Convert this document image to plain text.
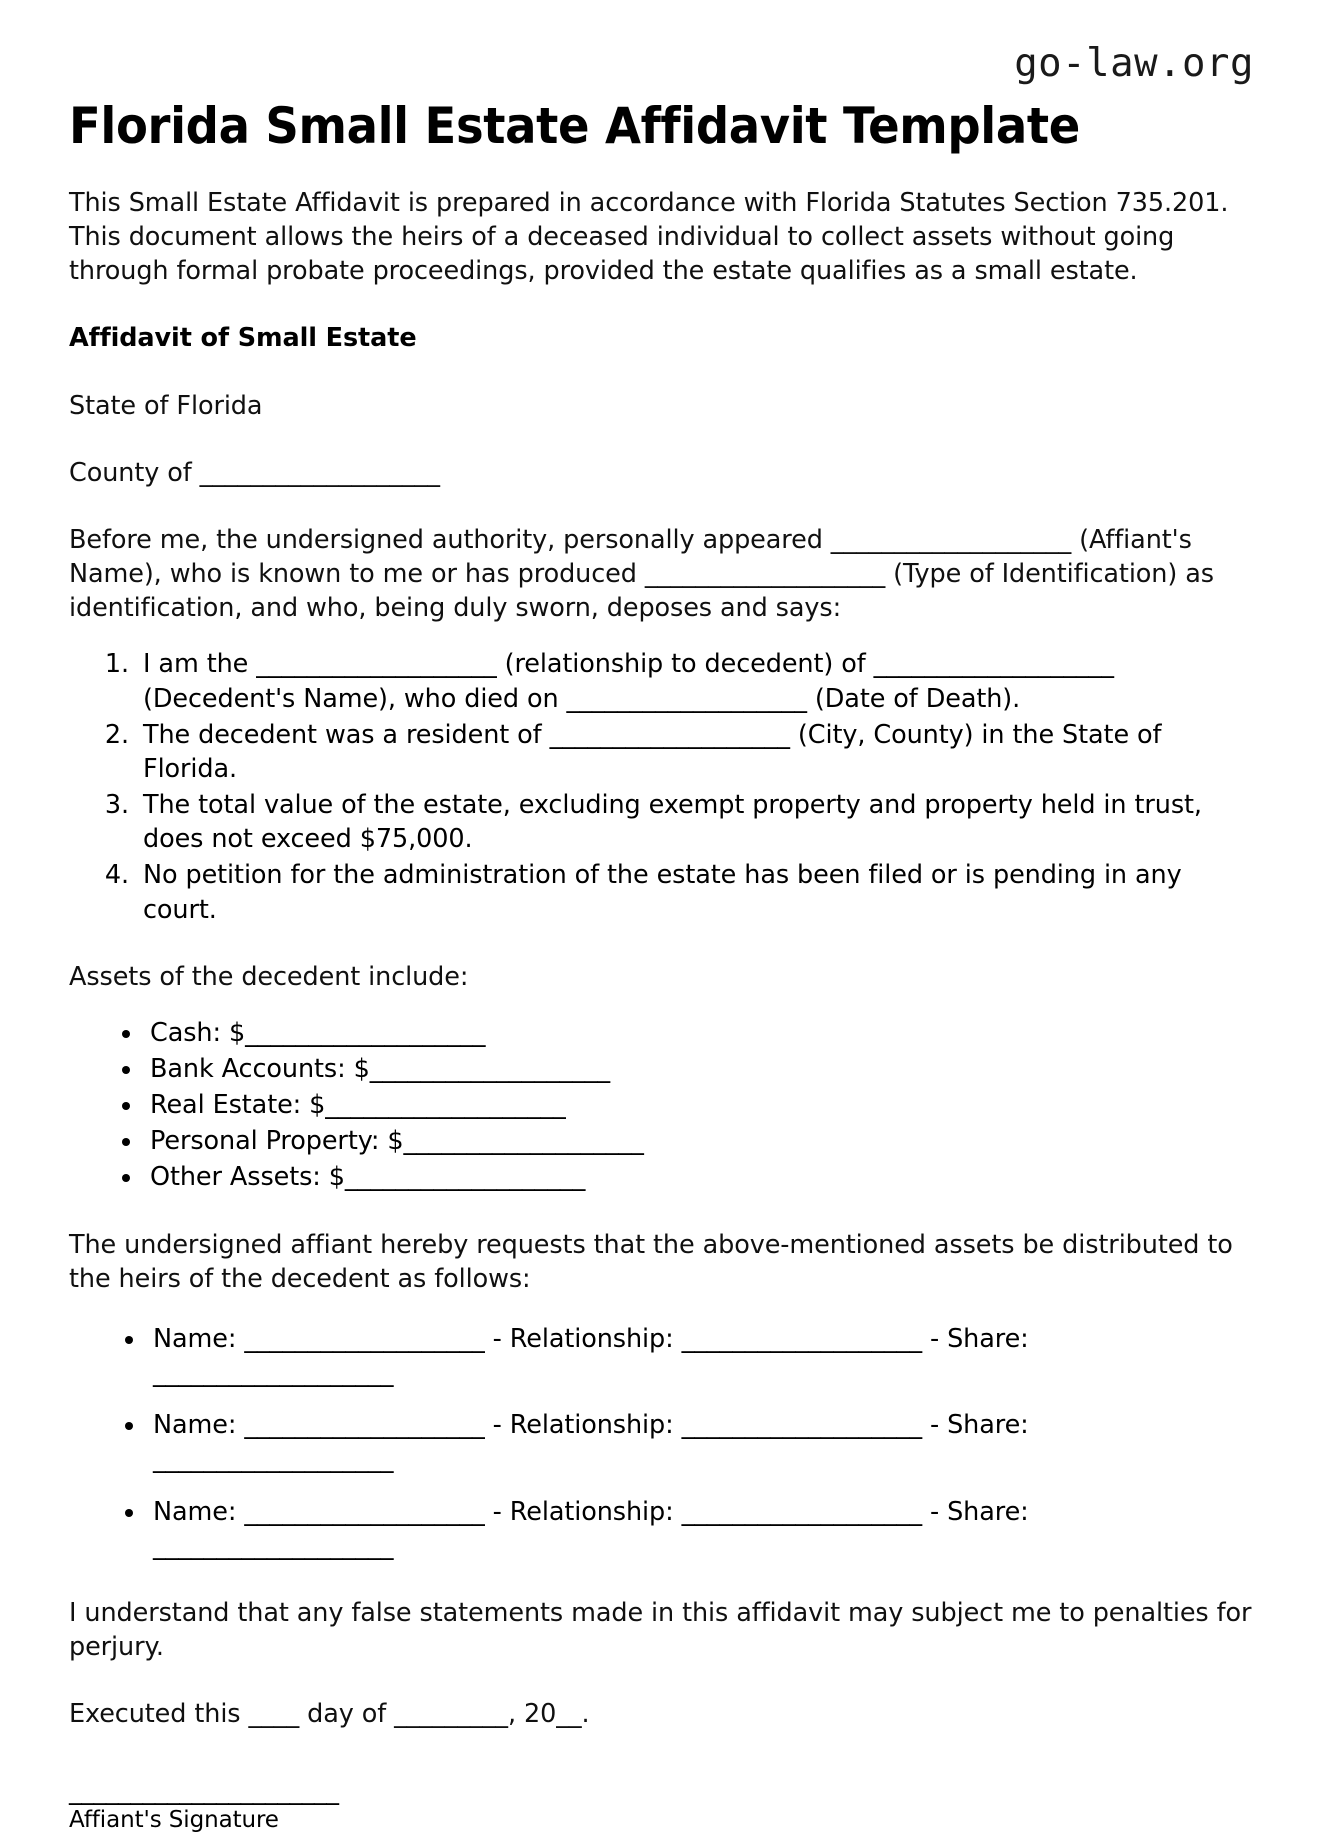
go-law.org
Florida Small Estate Affidavit Template

This Small Estate Affidavit is prepared in accordance with Florida Statutes Section 735.201. This document allows the heirs of a deceased individual to collect assets without going through formal probate proceedings, provided the estate qualifies as a small estate.

Affidavit of Small Estate

State of Florida

County of ___________________

Before me, the undersigned authority, personally appeared ___________________ (Affiant's Name), who is known to me or has produced ___________________ (Type of Identification) as identification, and who, being duly sworn, deposes and says:

1. I am the ___________________ (relationship to decedent) of ___________________ (Decedent's Name), who died on ___________________ (Date of Death).
2. The decedent was a resident of ___________________ (City, County) in the State of Florida.
3. The total value of the estate, excluding exempt property and property held in trust, does not exceed $75,000.
4. No petition for the administration of the estate has been filed or is pending in any court.

Assets of the decedent include:

• Cash: $___________________
• Bank Accounts: $___________________
• Real Estate: $___________________
• Personal Property: $___________________
• Other Assets: $___________________

The undersigned affiant hereby requests that the above-mentioned assets be distributed to the heirs of the decedent as follows:

• Name: ___________________ - Relationship: ___________________ - Share: ___________________
• Name: ___________________ - Relationship: ___________________ - Share: ___________________
• Name: ___________________ - Relationship: ___________________ - Share: ___________________

I understand that any false statements made in this affidavit may subject me to penalties for perjury.

Executed this ____ day of _________, 20__.

______________________
Affiant's Signature
